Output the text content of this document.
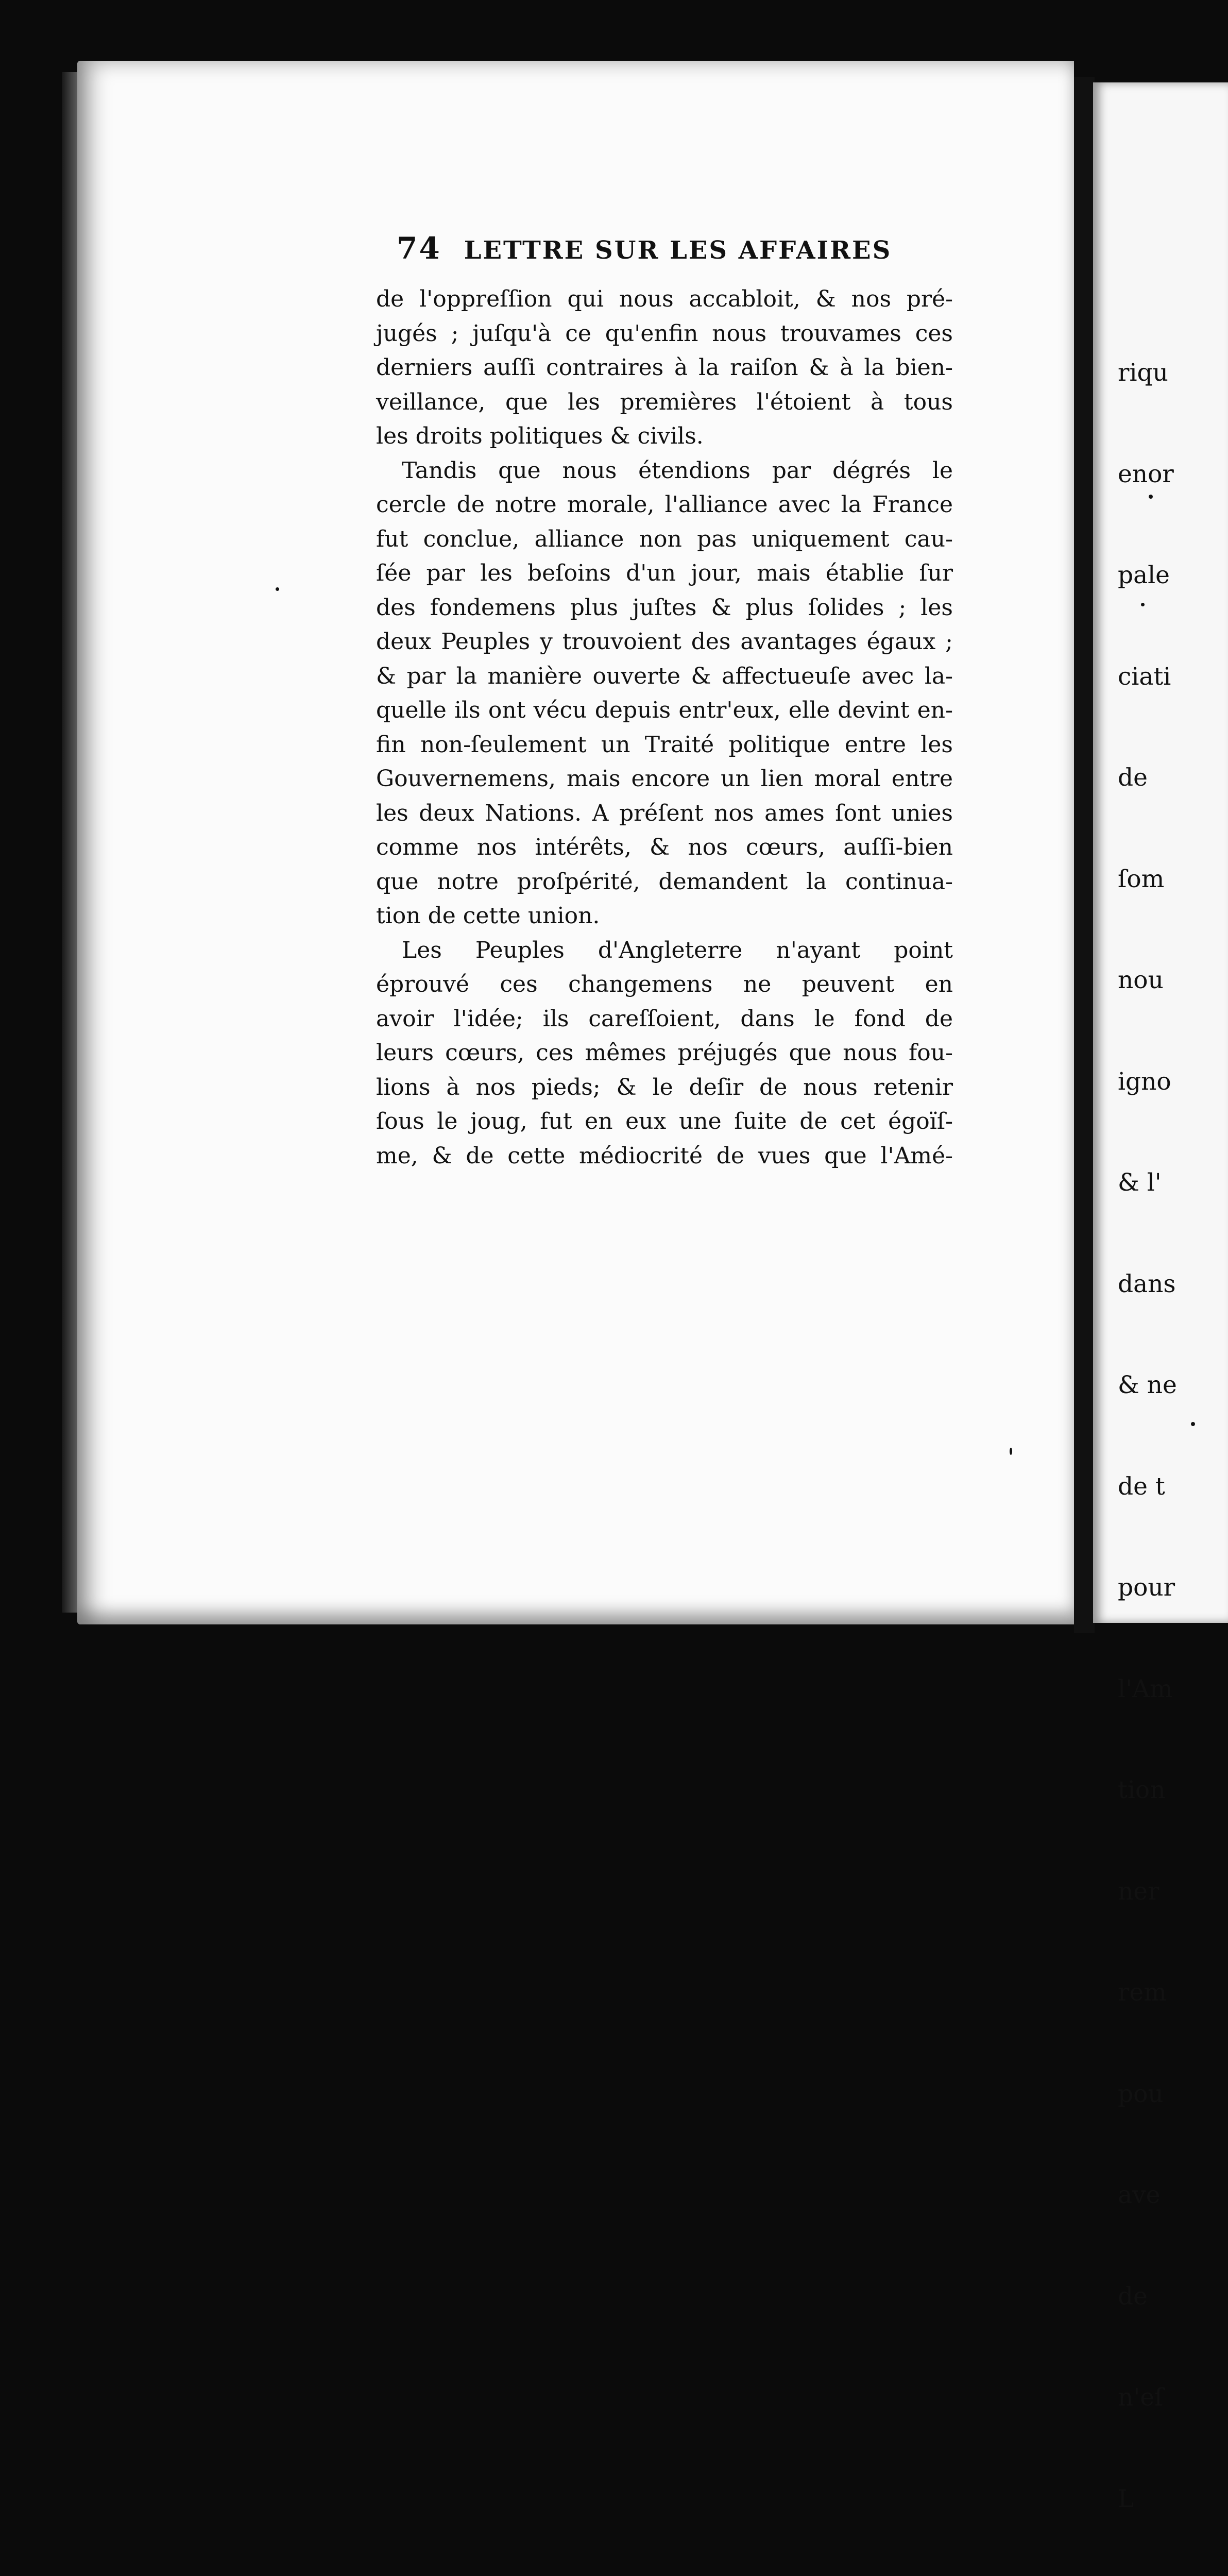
74 LETTRE SUR LES AFFAIRES
de l'oppreſſion qui nous accabloit, & nos pré-
jugés ; juſqu'à ce qu'enfin nous trouvames ces
derniers auſſi contraires à la raiſon & à la bien-
veillance, que les premières l'étoient à tous
les droits politiques & civils.
Tandis que nous étendions par dégrés le
cercle de notre morale, l'alliance avec la France
fut conclue, alliance non pas uniquement cau-
ſée par les beſoins d'un jour, mais établie ſur
des fondemens plus juſtes & plus ſolides ; les
deux Peuples y trouvoient des avantages égaux ;
& par la manière ouverte & affectueuſe avec la-
quelle ils ont vécu depuis entr'eux, elle devint en-
fin non-ſeulement un Traité politique entre les
Gouvernemens, mais encore un lien moral entre
les deux Nations. A préſent nos ames ſont unies
comme nos intérêts, & nos cœurs, auſſi-bien
que notre proſpérité, demandent la continua-
tion de cette union.
Les Peuples d'Angleterre n'ayant point
éprouvé ces changemens ne peuvent en
avoir l'idée; ils careſſoient, dans le fond de
leurs cœurs, ces mêmes préjugés que nous fou-
lions à nos pieds; & le deſir de nous retenir
ſous le joug, fut en eux une ſuite de cet égoïſ-
me, & de cette médiocrité de vues que l'Amé-

riqu

enor

pale

ciati

de

ſom

nou

igno

& l'

dans

& ne

de t

pour

l'Am

tion

ner

rem

pou

ave

de

n'eſ

L
